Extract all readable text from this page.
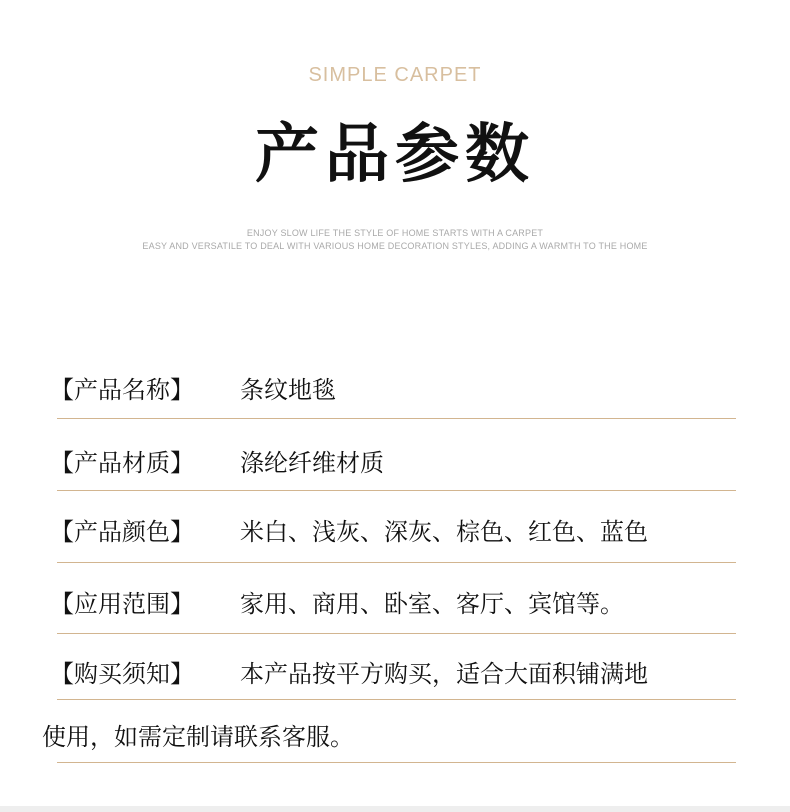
SIMPLE CARPET
产品参数
ENJOY SLOW LIFE THE STYLE OF HOME STARTS WITH A CARPET
EASY AND VERSATILE TO DEAL WITH VARIOUS HOME DECORATION STYLES, ADDING A WARMTH TO THE HOME
【产品名称】 条纹地毯
【产品材质】 涤纶纤维材质
【产品颜色】 米白、浅灰、深灰、棕色、红色、蓝色
【应用范围】 家用、商用、卧室、客厅、宾馆等。
【购买须知】 本产品按平方购买，适合大面积铺满地
使用，如需定制请联系客服。
